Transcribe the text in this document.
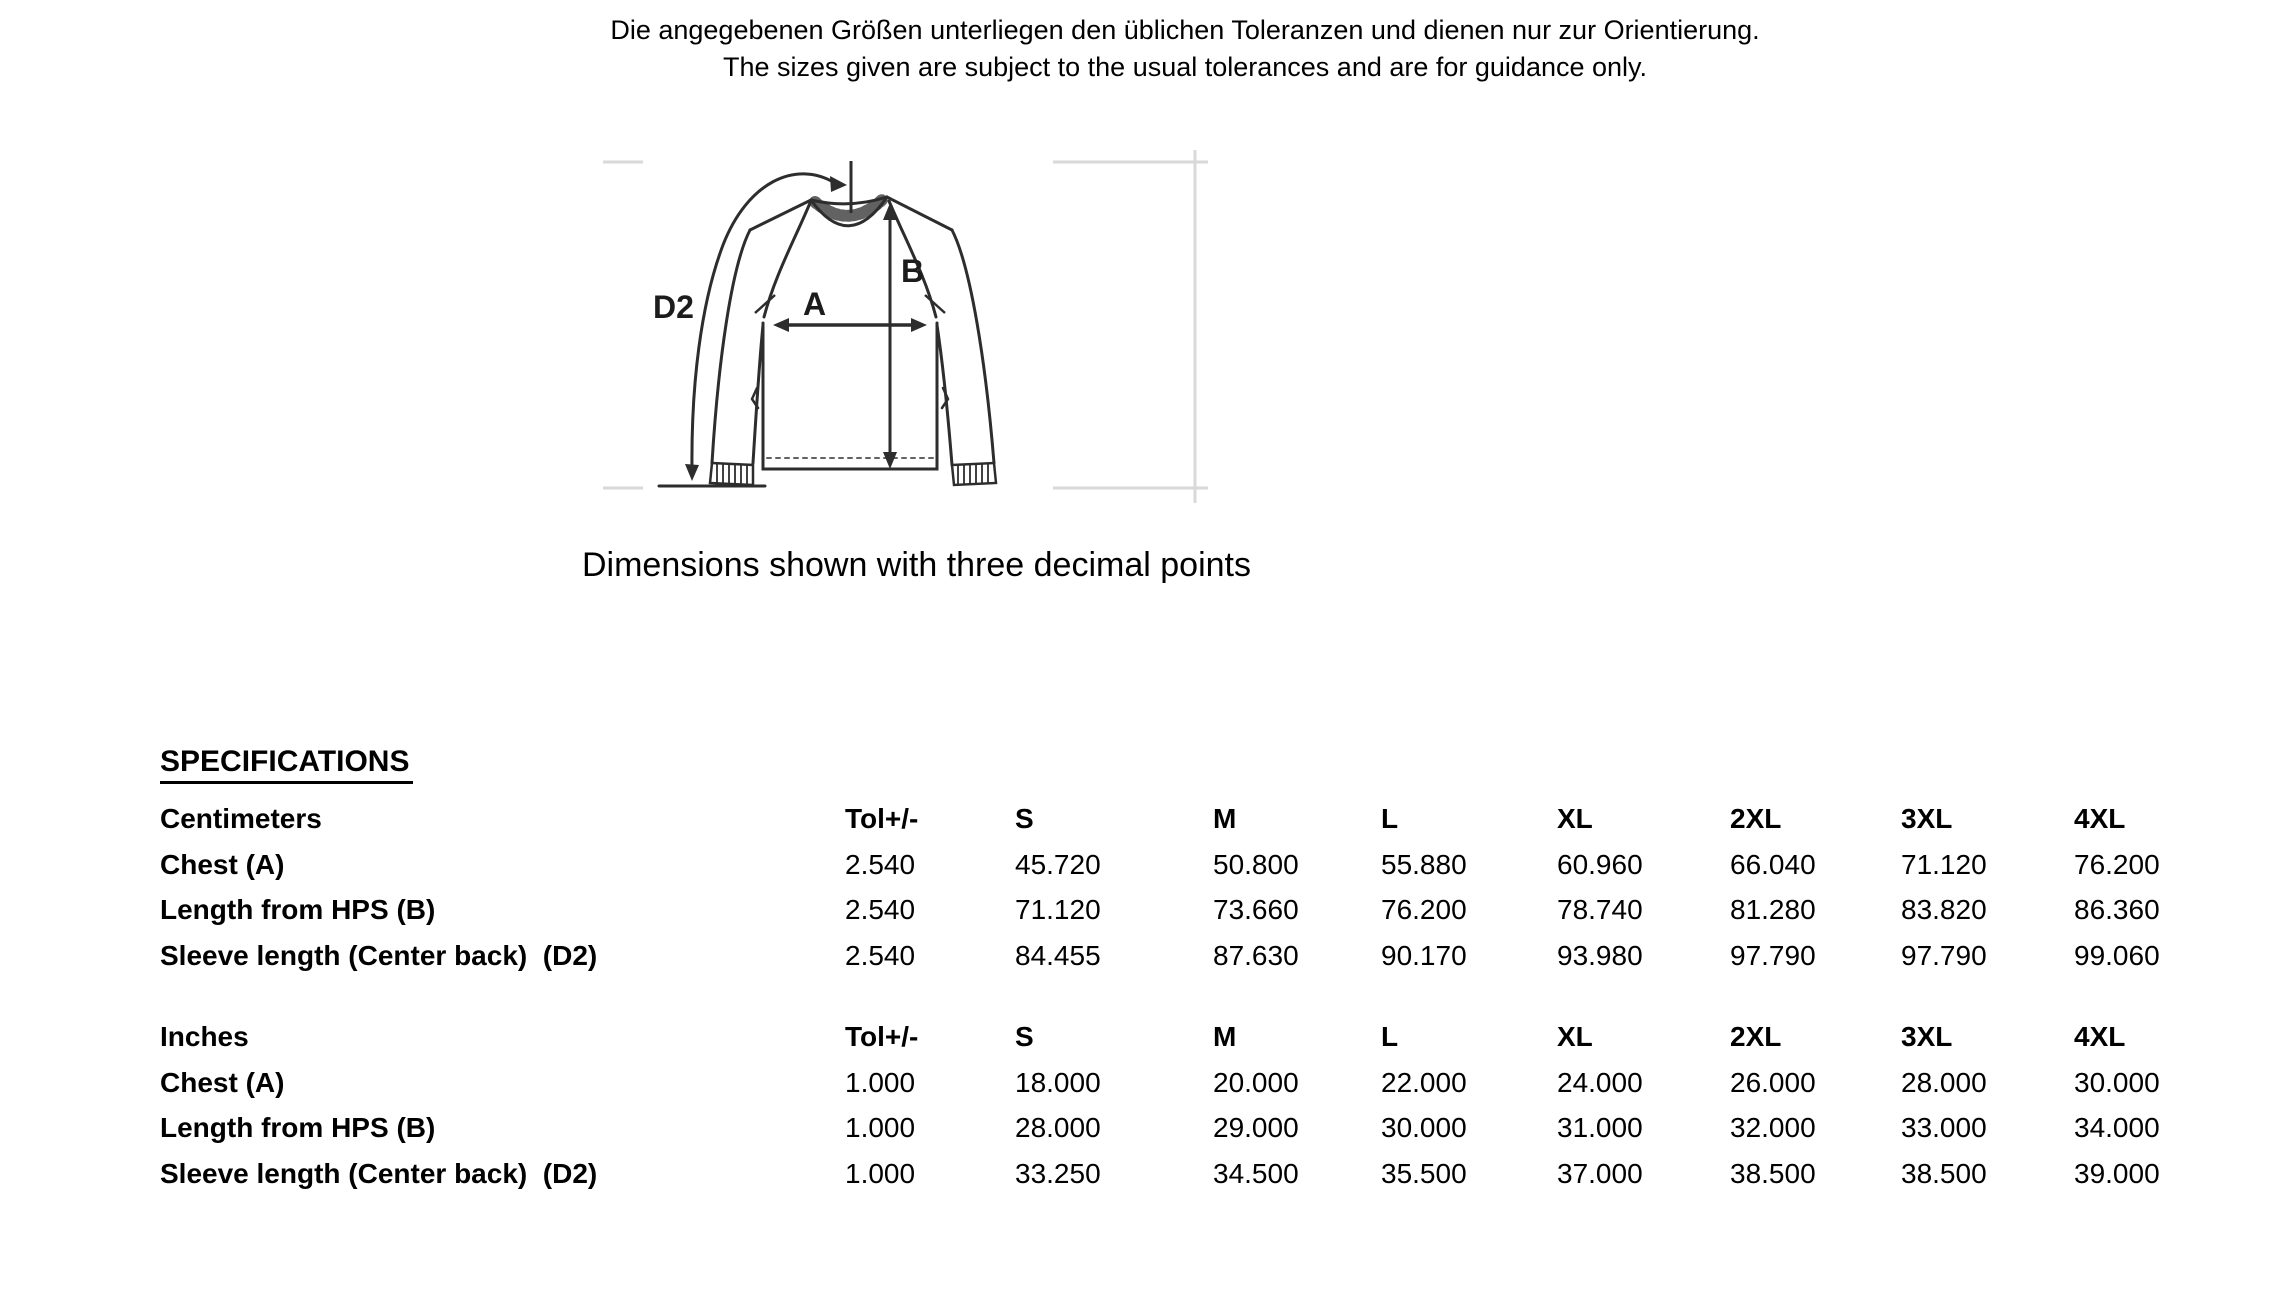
Die angegebenen Größen unterliegen den üblichen Toleranzen und dienen nur zur Orientierung.
The sizes given are subject to the usual tolerances and are for guidance only.
A
B
D2
Dimensions shown with three decimal points
SPECIFICATIONS
Centimeters	Tol+/-	S	M	L	XL	2XL	3XL	4XL
Chest (A)	2.540	45.720	50.800	55.880	60.960	66.040	71.120	76.200
Length from HPS (B)	2.540	71.120	73.660	76.200	78.740	81.280	83.820	86.360
Sleeve length (Center back)  (D2)	2.540	84.455	87.630	90.170	93.980	97.790	97.790	99.060
Inches	Tol+/-	S	M	L	XL	2XL	3XL	4XL
Chest (A)	1.000	18.000	20.000	22.000	24.000	26.000	28.000	30.000
Length from HPS (B)	1.000	28.000	29.000	30.000	31.000	32.000	33.000	34.000
Sleeve length (Center back)  (D2)	1.000	33.250	34.500	35.500	37.000	38.500	38.500	39.000
